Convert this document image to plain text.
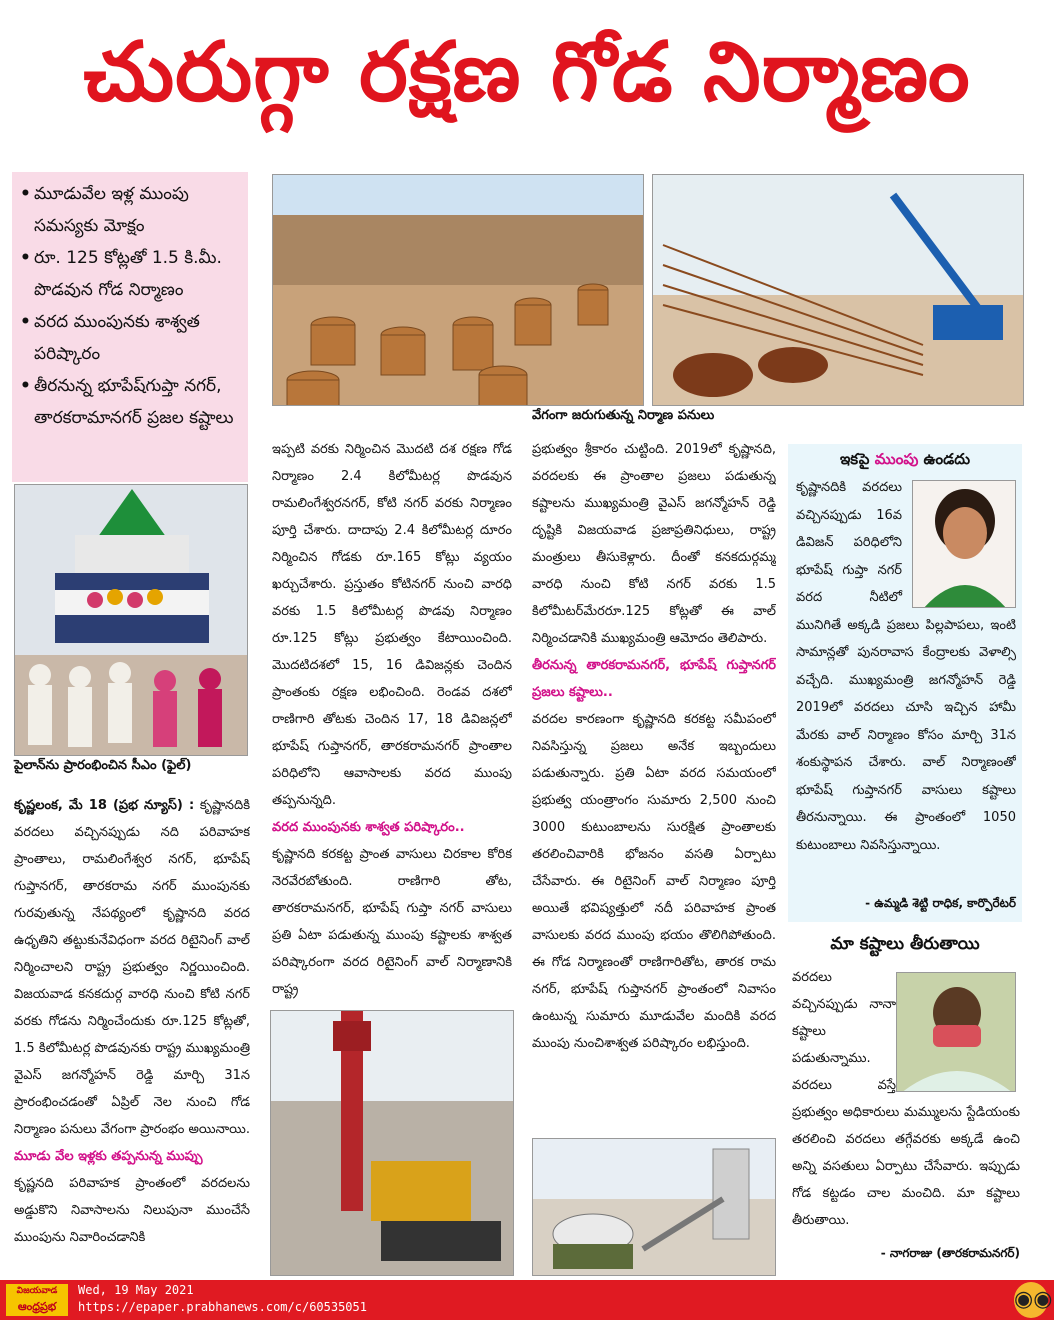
చురుగ్గా రక్షణ గోడ నిర్మాణం
• మూడువేల ఇళ్ల ముంపు సమస్యకు మోక్షం
• రూ. 125 కోట్లతో 1.5 కి.మీ. పొడవున గోడ నిర్మాణం
• వరద ముంపునకు శాశ్వత పరిష్కారం
• తీరనున్న భూపేష్‌గుప్తా నగర్, తారకరామానగర్ ప్రజల కష్టాలు
పైలాన్‌ను ప్రారంభించిన సీఎం (ఫైల్)
వేగంగా జరుగుతున్న నిర్మాణ పనులు

కృష్ణలంక, మే 18 (ప్రభ న్యూస్) : కృష్ణానదికి వరదలు వచ్చినప్పుడు నది పరివాహక ప్రాంతాలు, రామలింగేశ్వర నగర్, భూపేష్ గుప్తానగర్, తారకరామ నగర్ ముంపునకు గురవుతున్న నేపథ్యంలో కృష్ణానది వరద ఉధృతిని తట్టుకునేవిధంగా వరద రిటైనింగ్ వాల్ నిర్మించాలని రాష్ట్ర ప్రభుత్వం నిర్ణయించింది. విజయవాడ కనకదుర్గ వారధి నుంచి కోటి నగర్ వరకు గోడను నిర్మించేందుకు రూ.125 కోట్లతో, 1.5 కిలోమీటర్ల పొడవునకు రాష్ట్ర ముఖ్యమంత్రి వైఎస్ జగన్మోహన్ రెడ్డి మార్చి 31న ప్రారంభించడంతో ఏప్రిల్ నెల నుంచి గోడ నిర్మాణం పనులు వేగంగా ప్రారంభం అయినాయి.

మూడు వేల ఇళ్లకు తప్పనున్న ముప్పు

కృష్ణనది పరివాహక ప్రాంతంలో వరదలను అడ్డుకొని నివాసాలను నిలుపునా ముంచేసే ముంపును నివారించడానికి

ఇప్పటి వరకు నిర్మించిన మొదటి దశ రక్షణ గోడ నిర్మాణం 2.4 కిలోమీటర్ల పొడవున రామలింగేశ్వరనగర్, కోటి నగర్ వరకు నిర్మాణం పూర్తి చేశారు. దాదాపు 2.4 కిలోమీటర్ల దూరం నిర్మించిన గోడకు రూ.165 కోట్లు వ్యయం ఖర్చుచేశారు. ప్రస్తుతం కోటినగర్ నుంచి వారధి వరకు 1.5 కిలోమీటర్ల పొడవు నిర్మాణం రూ.125 కోట్లు ప్రభుత్వం కేటాయించింది. మొదటిదశలో 15, 16 డివిజన్లకు చెందిన ప్రాంతంకు రక్షణ లభించింది. రెండవ దశలో రాణిగారి తోటకు చెందిన 17, 18 డివిజన్లలో భూపేష్ గుప్తానగర్, తారకరామనగర్ ప్రాంతాల పరిధిలోని ఆవాసాలకు వరద ముంపు తప్పనున్నది.

వరద ముంపునకు శాశ్వత పరిష్కారం..

కృష్ణానది కరకట్ట ప్రాంత వాసులు చిరకాల కోరిక నెరవేరబోతుంది. రాణిగారి తోట, తారకరామనగర్, భూపేష్ గుప్తా నగర్ వాసులు ప్రతి ఏటా పడుతున్న ముంపు కష్టాలకు శాశ్వత పరిష్కారంగా వరద రిటైనింగ్ వాల్ నిర్మాణానికి రాష్ట్ర

ప్రభుత్వం శ్రీకారం చుట్టింది. 2019లో కృష్ణానది, వరదలకు ఈ ప్రాంతాల ప్రజలు పడుతున్న కష్టాలను ముఖ్యమంత్రి వైఎస్ జగన్మోహన్ రెడ్డి దృష్టికి విజయవాడ ప్రజాప్రతినిధులు, రాష్ట్ర మంత్రులు తీసుకెళ్లారు. దీంతో కనకదుర్గమ్మ వారధి నుంచి కోటి నగర్ వరకు 1.5 కిలోమీటర్‌మేరరూ.125 కోట్లతో ఈ వాల్ నిర్మించడానికి ముఖ్యమంత్రి ఆమోదం తెలిపారు.

తీరనున్న తారకరామనగర్, భూపేష్ గుప్తానగర్ ప్రజలు కష్టాలు..

వరదల కారణంగా కృష్ణానది కరకట్ట సమీపంలో నివసిస్తున్న ప్రజలు అనేక ఇబ్బందులు పడుతున్నారు. ప్రతి ఏటా వరద సమయంలో ప్రభుత్వ యంత్రాంగం సుమారు 2,500 నుంచి 3000 కుటుంబాలను సురక్షిత ప్రాంతాలకు తరలించివారికి భోజనం వసతి ఏర్పాటు చేసేవారు. ఈ రిటైనింగ్ వాల్ నిర్మాణం పూర్తి అయితే భవిష్యత్తులో నదీ పరివాహక ప్రాంత వాసులకు వరద ముంపు భయం తొలిగిపోతుంది. ఈ గోడ నిర్మాణంతో రాణిగారితోట, తారక రామ నగర్, భూపేష్ గుప్తానగర్ ప్రాంతంలో నివాసం ఉంటున్న సుమారు మూడువేల మందికి వరద ముంపు నుంచిశాశ్వత పరిష్కారం లభిస్తుంది.

ఇకపై ముంపు ఉండదు
కృష్ణానదికి వరదలు వచ్చినప్పుడు 16వ డివిజన్ పరిధిలోని భూపేష్ గుప్తా నగర్ వరద నీటిలో మునిగితే అక్కడి ప్రజలు పిల్లపాపలు, ఇంటి సామాన్లతో పునరావాస కేంద్రాలకు వెళాల్సి వచ్చేది. ముఖ్యమంత్రి జగన్మోహన్ రెడ్డి 2019లో వరదలు చూసి ఇచ్చిన హామీ మేరకు వాల్ నిర్మాణం కోసం మార్చి 31న శంకుస్థాపన చేశారు. వాల్ నిర్మాణంతో భూపేష్ గుప్తానగర్ వాసులు కష్టాలు తీరనున్నాయి. ఈ ప్రాంతంలో 1050 కుటుంబాలు నివసిస్తున్నాయి.
- ఉమ్మడి శెట్టి రాధిక, కార్పొరేటర్
మా కష్టాలు తీరుతాయి
వరదలు వచ్చినప్పుడు నానా కష్టాలు పడుతున్నాము. వరదలు వస్తే ప్రభుత్వం అధికారులు మమ్ములను స్టేడియంకు తరలించి వరదలు తగ్గేవరకు అక్కడే ఉంచి అన్ని వసతులు ఏర్పాటు చేసేవారు. ఇప్పుడు గోడ కట్టడం చాల మంచిది. మా కష్టాలు తీరుతాయి.
- నాగరాజు (తారకరామనగర్)
విజయవాడ
ఆంధ్రప్రభ
Wed, 19 May 2021
https://epaper.prabhanews.com/c/60535051	◉◉
